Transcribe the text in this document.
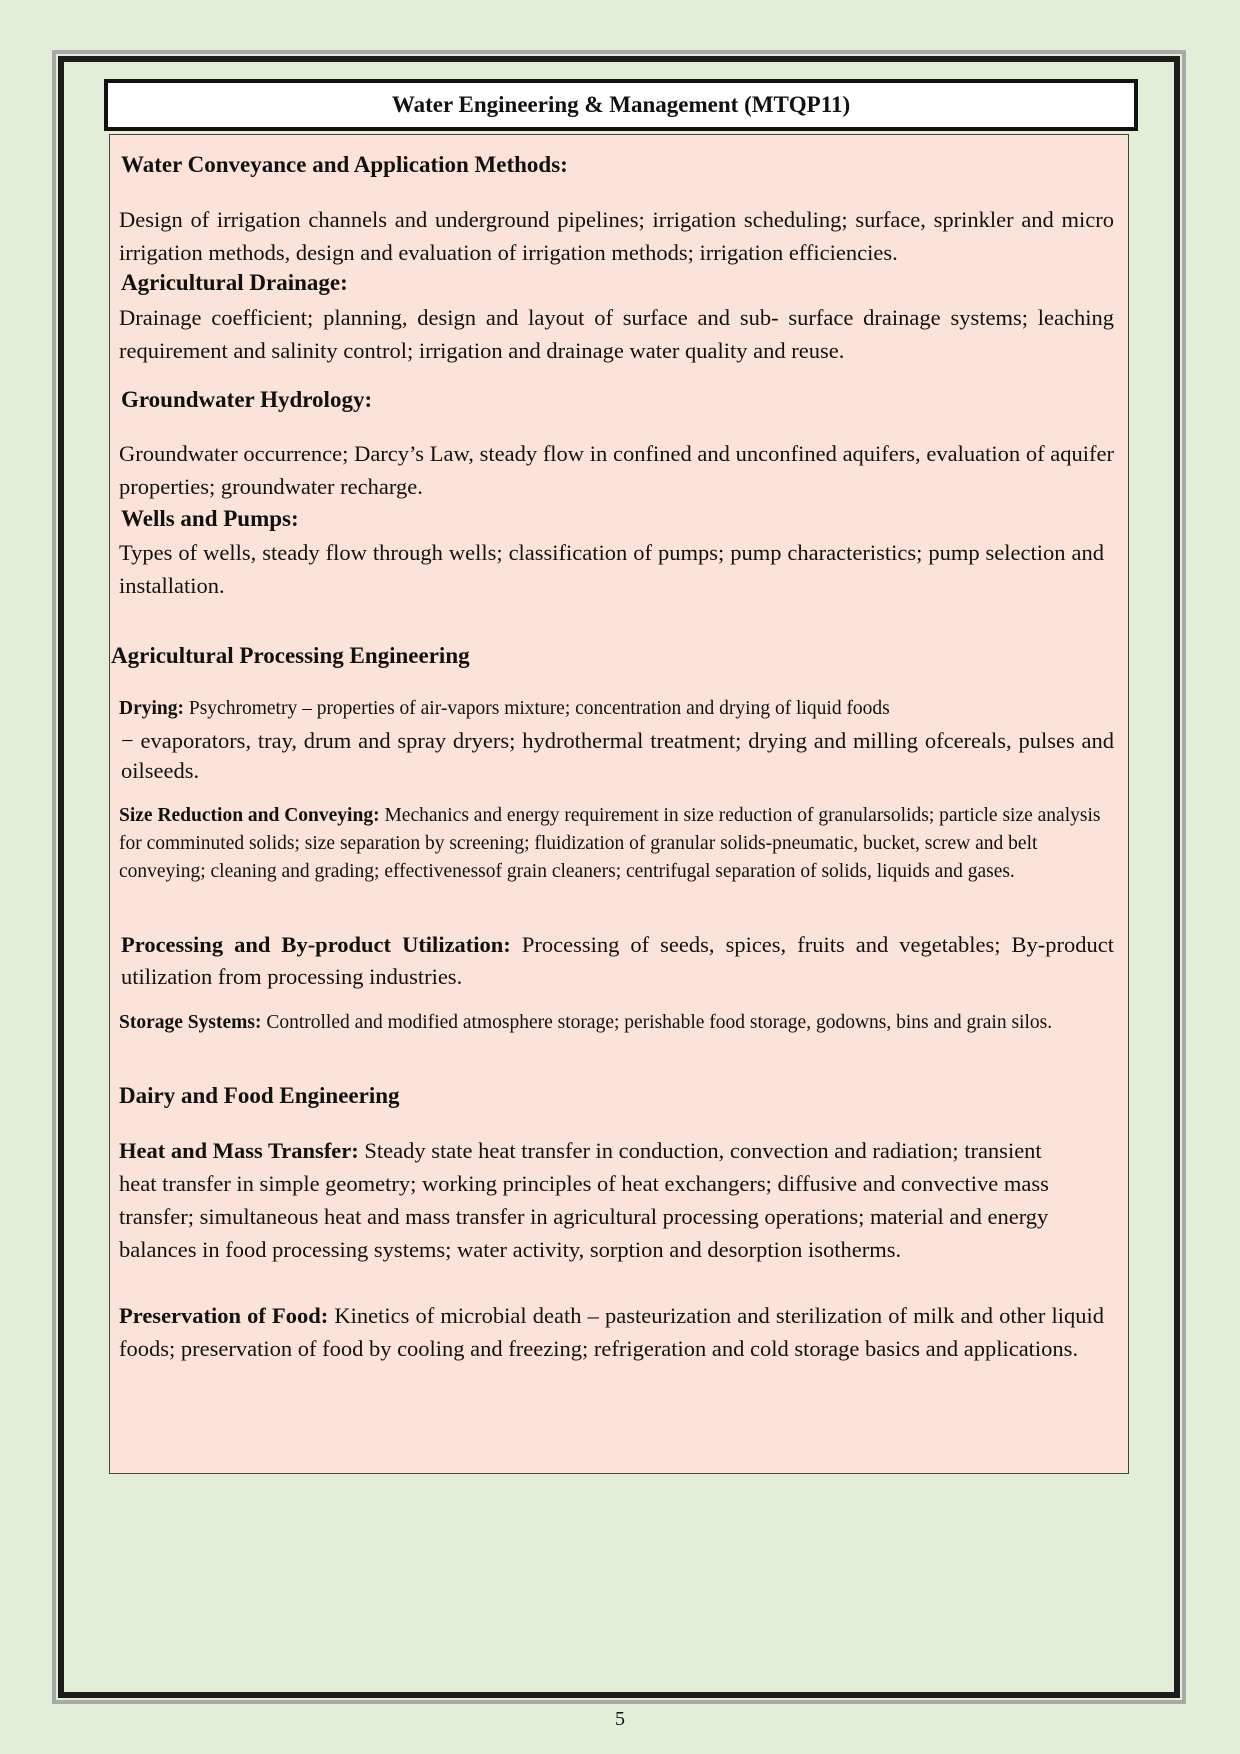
Water Engineering & Management (MTQP11)
Water Conveyance and Application Methods:
Design of irrigation channels and underground pipelines; irrigation scheduling; surface, sprinkler and micro irrigation methods, design and evaluation of irrigation methods; irrigation efficiencies.
Agricultural Drainage:
Drainage coefficient; planning, design and layout of surface and sub- surface drainage systems; leaching requirement and salinity control; irrigation and drainage water quality and reuse.
Groundwater Hydrology:
Groundwater occurrence; Darcy’s Law, steady flow in confined and unconfined aquifers, evaluation of aquifer properties; groundwater recharge.
Wells and Pumps:
Types of wells, steady flow through wells; classification of pumps; pump characteristics; pump selection and installation.
Agricultural Processing Engineering
Drying: Psychrometry – properties of air-vapors mixture; concentration and drying of liquid foods
− evaporators, tray, drum and spray dryers; hydrothermal treatment; drying and milling ofcereals, pulses and oilseeds.
Size Reduction and Conveying: Mechanics and energy requirement in size reduction of granularsolids; particle size analysis for comminuted solids; size separation by screening; fluidization of granular solids-pneumatic, bucket, screw and belt conveying; cleaning and grading; effectivenessof grain cleaners; centrifugal separation of solids, liquids and gases.
Processing and By-product Utilization: Processing of seeds, spices, fruits and vegetables; By-product utilization from processing industries.
Storage Systems: Controlled and modified atmosphere storage; perishable food storage, godowns, bins and grain silos.
Dairy and Food Engineering
Heat and Mass Transfer: Steady state heat transfer in conduction, convection and radiation; transient heat transfer in simple geometry; working principles of heat exchangers; diffusive and convective mass transfer; simultaneous heat and mass transfer in agricultural processing operations; material and energy balances in food processing systems; water activity, sorption and desorption isotherms.
Preservation of Food: Kinetics of microbial death – pasteurization and sterilization of milk and other liquid foods; preservation of food by cooling and freezing; refrigeration and cold storage basics and applications.
5
